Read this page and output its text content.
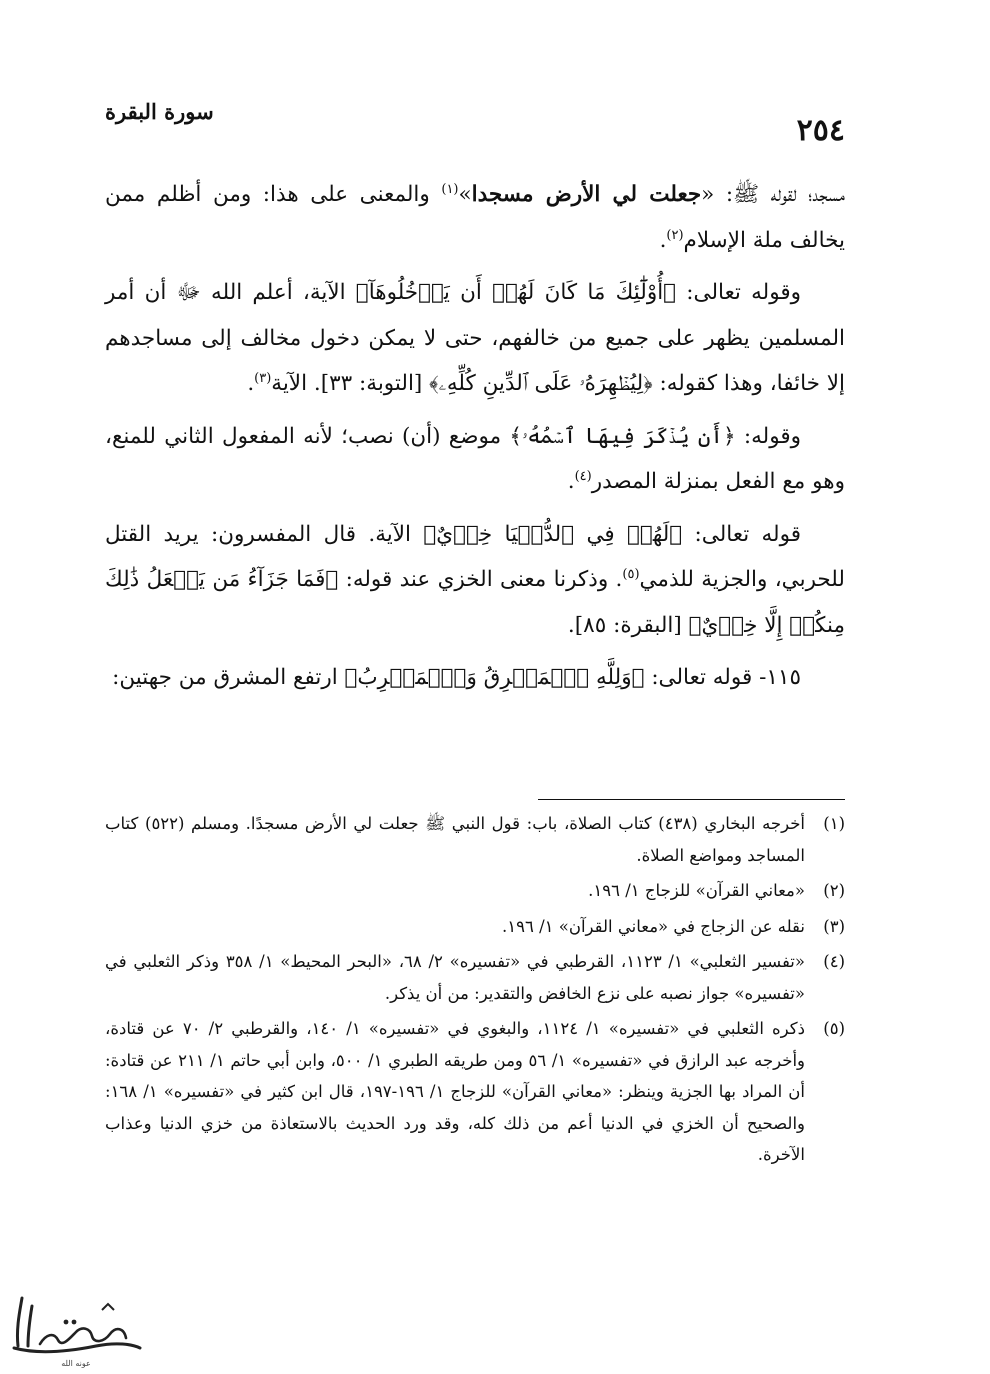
٢٥٤
سورة البقرة

مسجد؛ لقوله ﷺ: «جعلت لي الأرض مسجدا»$^{(١)}$ والمعنى على هذا: ومن أظلم ممن يخالف ملة الإسلام$^{(٢)}$.

وقوله تعالى: ﴿أُوْلَٰٓئِكَ مَا كَانَ لَهُمۡ أَن يَدۡخُلُوهَآ﴾ الآية، أعلم الله ﷻ أن أمر المسلمين يظهر على جميع من خالفهم، حتى لا يمكن دخول مخالف إلى مساجدهم إلا خائفا، وهذا كقوله: ﴿لِيُظۡهِرَهُۥ عَلَى ٱلدِّينِ كُلِّهِۦ﴾ [التوبة: ٣٣]. الآية$^{(٣)}$.

وقوله: ﴿أَن يُذۡكَرَ فِيهَا ٱسۡمُهُۥ﴾ موضع (أن) نصب؛ لأنه المفعول الثاني للمنع، وهو مع الفعل بمنزلة المصدر$^{(٤)}$.

قوله تعالى: ﴿لَهُمۡ فِي ٱلدُّنۡيَا خِزۡيٌ﴾ الآية. قال المفسرون: يريد القتل للحربي، والجزية للذمي$^{(٥)}$. وذكرنا معنى الخزي عند قوله: ﴿فَمَا جَزَآءُ مَن يَفۡعَلُ ذَٰلِكَ مِنكُمۡ إِلَّا خِزۡيٌ﴾ [البقرة: ٨٥].

١١٥- قوله تعالى: ﴿وَلِلَّهِ ٱلۡمَشۡرِقُ وَٱلۡمَغۡرِبُ﴾ ارتفع المشرق من جهتين:

(١)
أخرجه البخاري (٤٣٨) كتاب الصلاة، باب: قول النبي ﷺ جعلت لي الأرض مسجدًا. ومسلم (٥٢٢) كتاب المساجد ومواضع الصلاة.
(٢)
«معاني القرآن» للزجاج ١/ ١٩٦.
(٣)
نقله عن الزجاج في «معاني القرآن» ١/ ١٩٦.
(٤)
«تفسير الثعلبي» ١/ ١١٢٣، القرطبي في «تفسيره» ٢/ ٦٨، «البحر المحيط» ١/ ٣٥٨ وذكر الثعلبي في «تفسيره» جواز نصبه على نزع الخافض والتقدير: من أن يذكر.
(٥)
ذكره الثعلبي في «تفسيره» ١/ ١١٢٤، والبغوي في «تفسيره» ١/ ١٤٠، والقرطبي ٢/ ٧٠ عن قتادة، وأخرجه عبد الرازق في «تفسيره» ١/ ٥٦ ومن طريقه الطبري ١/ ٥٠٠، وابن أبي حاتم ١/ ٢١١ عن قتادة: أن المراد بها الجزية وينظر: «معاني القرآن» للزجاج ١/ ١٩٦-١٩٧، قال ابن كثير في «تفسيره» ١/ ١٦٨: والصحيح أن الخزي في الدنيا أعم من ذلك كله، وقد ورد الحديث بالاستعاذة من خزي الدنيا وعذاب الآخرة.
عونه الله
